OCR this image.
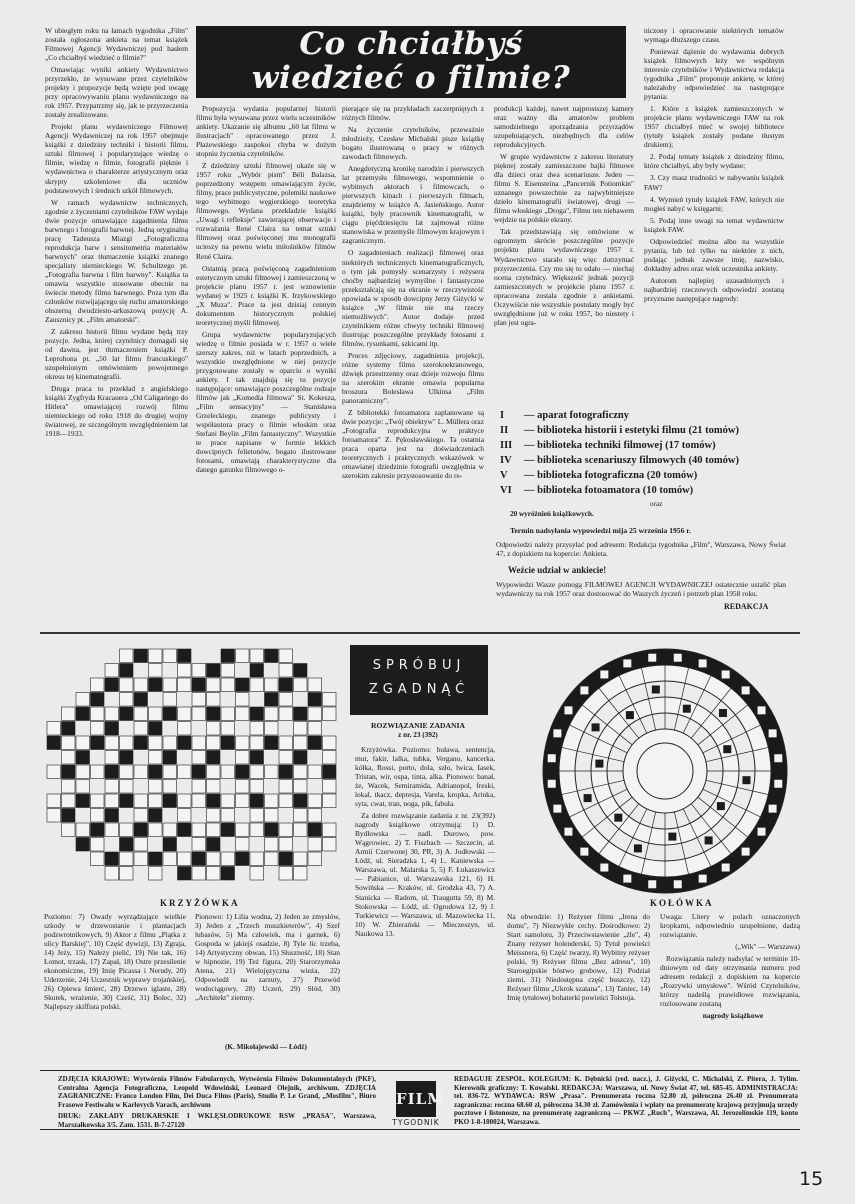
Co chciałbyś
wiedzieć o filmie?

W ubiegłym roku na łamach tygodnika „Film" została ogłoszona ankieta na temat książek Filmowej Agencji Wydawniczej pod hasłem „Co chciałbyś wiedzieć o filmie?"

Omawiając wyniki ankiety Wydawnictwo przyrzekło, że wysuwane przez czytelników projekty i propozycje będą wzięte pod uwagę przy opracowywaniu planu wydawniczego na rok 1957. Przypatrzmy się, jak te przyrzeczenia zostały zrealizowane.

Projekt planu wydawniczego Filmowej Agencji Wydawniczej na rok 1957 obejmuje książki z dziedziny techniki i historii filmu, sztuki filmowej i popularyzujące wiedzę o filmie, wiedzę o filmie, fotografii pięknie i wydawnictwa o charakterze artystycznym oraz skrypty szkoleniowe dla uczniów podstawowych i średnich szkół filmowych.

W ramach wydawnictw technicznych, zgodnie z życzeniami czytelników FAW wydaje dwie pozycje omawiające zagadnienia filmu barwnego i fotografii barwnej. Jedną oryginalną pracę Tadeusza Miazgi „Fotograficzna reprodukcja barw i sensitometria materiałów barwnych" oraz tłumaczenie książki znanego specjalisty niemieckiego W. Schultzego pt. „Fotografia barwna i film barwny". Książka ta omawia wszystkie stosowane obecnie na świecie metody filmu barwnego. Poza tym dla członków rozwijającego się ruchu amatorskiego obszerną dwudziesto-arkuszową pozycję A. Zausznicy pt. „Film amatorski".

Z zakresu historii filmu wydane będą trzy pozycje. Jedna, której czytelnicy domagali się od dawna, jest tłumaczeniem książki P. Leprohona pt. „50 lat filmu francuskiego" uzupełnionym omówieniem powojennego okresu tej kinematografii.

Druga praca to przekład z angielskiego książki Zygfryda Kracauera „Od Caligariego do Hitlera" omawiającej rozwój filmu niemieckiego od roku 1918 do drugiej wojny światowej, ze szczególnym uwzględnieniem lat 1918—1933.

Propozycja wydania popularnej historii filmu była wysuwana przez wielu uczestników ankiety. Ukazanie się albumu „60 lat filmu w ilustracjach" opracowanego przez J. Płażewskiego zaspokoi chyba w dużym stopniu życzenia czytelników.

Z dziedziny sztuki filmowej ukaże się w 1957 roku „Wybór pism" Béli Balazsa, poprzedzony wstępem omawiającym życie, filmy, prace publicystyczne, polemiki naukowe tego wybitnego węgierskiego teoretyka filmowego. Wydana przekładzie książki „Uwagi i refleksje" zawierającej obserwacje i rozważania René Claira na temat sztuki filmowej oraz poświęconej mu monografii ucieszy na pewno wielu miłośników filmów René Claira.

Ostatnią pracą poświęconą zagadnieniom estetycznym sztuki filmowej i zamieszczoną w projekcie planu 1957 r. jest wznowienie wydanej w 1925 r. książki K. Irzykowskiego „X Muza". Prace ta jest dzisiaj cennym dokumentem historycznym polskiej teoretycznej myśli filmowej.

Grupa wydawnictw popularyzujących wiedzę o filmie posiada w r. 1957 o wiele szerszy zakres, niż w latach poprzednich, a wszystkie uwzględnione w niej pozycje przygotowane zostały w oparciu o wyniki ankiety. I tak znajdują się tu pozycje następujące: omawiające poszczególne rodzaje filmów jak „Komedia filmowa" St. Kokesza, „Film sensacyjny" — Stanisława Grzeleckiego, znanego publicysty i współautora pracy o filmie włoskim oraz Stefani Beylin „Film fantastyczny". Wszystkie te prace napisane w formie lekkich dowcipnych felietonów, bogato ilustrowane fotosami, omawiają charakterystyczne dla danego gatunku filmowego o-

pierające się na przykładach zaczerpniętych z różnych filmów.

Na życzenie czytelników, przeważnie młodzieży, Czesław Michalski pisze książkę bogato ilustrowaną o pracy w różnych zawodach filmowych.

Anegdotyczną kronikę narodzin i pierwszych lat przemysłu filmowego, wspomnienie o wybitnych aktorach i filmowcach, o pierwszych kinach i pierwszych filmach, znajdziemy w książce A. Jasieńskiego. Autor książki, były pracownik kinematografii, w ciągu pięćdziesięciu lat zajmował różne stanowiska w przemyśle filmowym krajowym i zagranicznym.

O zagadnieniach realizacji filmowej oraz niektórych technicznych kinematograficznych, o tym jak pomysły scenarzysty i reżysera choćby najbardziej wymyślne i fantastyczne przekształcają się na ekranie w rzeczywistość opowiada w sposób dowcipny Jerzy Giżycki w książce „W filmie nie ma rzeczy niemożliwych". Autor dodaje przed czytelnikiem różne chwyty techniki filmowej ilustrując poszczególne przykłady fotosami z filmów, rysunkami, szkicami itp.

Proces zdjęciowy, zagadnienia projekcji, różne systemy filmu szerokoekranowego, dźwięk przestrzenny oraz dzieje rozwoju filmu na szerokim ekranie omawia popularna broszura Bolesława Ulkinsa „Film panoramiczny".

Z bibliotekki fotoamatora zaplanowane są dwie pozycje: „Twój obiektyw" L. Müllera oraz „Fotografia reprodukcyjna w praktyce fotoamatora" Z. Pękosławskiego. Ta ostatnia praca oparta jest na doświadczeniach teoretycznych i praktycznych wskazówek w omawianej dziedzinie fotografii uwzględnia w szerokim zakresie przystosowanie do re-

produkcji każdej, nawet najprostszej kamery oraz ważny dla amatorów problem samodzielnego sporządzania przyrządów uzupełniających, niezbędnych dla celów reprodukcyjnych.

W grupie wydawnictw z zakresu literatury pięknej zostały zamieszczone bajki filmowe dla dzieci oraz dwa scenariusze. Jeden — filmu S. Eisensteina „Pancernik Potiomkin" uznanego powszechnie za najwybitniejsze dzieło kinematografii światowej, drugi — filmu włoskiego „Droga", Filmu ten niebawem wejdzie na polskie ekrany.

Tak przedstawiają się omówione w ogromnym skrócie poszczególne pozycje projektu planu wydawniczego 1957 r. Wydawnictwo starało się więc dotrzymać przyrzeczenia. Czy mu się to udało — niechaj ocena czytelnicy. Większość jednak pozycji zamieszczonych w projekcie planu 1957 r. opracowana została zgodnie z ankietami. Oczywiście nie wszystkie postulaty mogły być uwzględnione już w roku 1957, bo niestety i plan jest ogra-

niczony i opracowanie niektórych tematów wymaga dłuższego czasu.

Ponieważ dążenie do wydawania dobrych książek filmowych leży we wspólnym interesie czytelników i Wydawnictwa redakcja tygodnika „Film" proponuje ankietę, w której należałoby odpowiedzieć na następujące pytania:

1. Które z książek zamieszczonych w projekcie planu wydawniczego FAW na rok 1957 chciałbyś mieć w swojej bibliotece (tytuły książek zostały podane tłustym drukiem);

2. Podaj tematy książek z dziedziny filmu, które chciałbyś, aby były wydane;

3. Czy masz trudności w nabywaniu książek FAW?

4. Wymień tytuły książek FAW, których nie mogłeś nabyć w księgarni;

5. Podaj inne uwagi na temat wydawnictw książek FAW.

Odpowiedzieć można albo na wszystkie pytania, lub też tylko na niektóre z nich, podając jednak zawsze imię, nazwisko, dokładny adres oraz wiek uczestnika ankiety.

Autorom najlepiej uzasadnionych i najbardziej rzeczowych odpowiedzi zostaną przyznane następujące nagrody:

I	— aparat fotograficzny
II	— biblioteka historii i estetyki filmu (21 tomów)
III	— biblioteka techniki filmowej (17 tomów)
IV	— biblioteka scenariuszy filmowych (40 tomów)
V	— biblioteka fotograficzna (20 tomów)
VI	— biblioteka fotoamatora (10 tomów)
oraz
20 wyróżnień książkowych.
Termin nadsyłania wypowiedzi mija 25 września 1956 r.
Odpowiedzi należy przysyłać pod adresem: Redakcja tygodnika „Film", Warszawa, Nowy Świat 47, z dopiskiem na kopercie: Ankieta.
Weźcie udział w ankiecie!
Wypowiedzi Wasze pomogą FILMOWEJ AGENCJI WYDAWNICZEJ ostatecznie ustalić plan wydawniczy na rok 1957 oraz dostosować do Waszych życzeń i potrzeb plan 1958 roku.
REDAKCJA
SPRÓBUJ
ZGADNĄĆ
ROZWIĄZANIE ZADANIA
z nr. 23 (392)

Krzyżówka. Poziomo: buława, sentencja, mut, fakir, lalka, tubka, Vergano, kancerka, kółka, Rossi, porto, dola, szło, lwica, Iasek, Tristan, wir, ospa, tinta, alka. Pionowo: banał, że, Wacek, Semiramida, Adrianopol, freski, lokal, tkacz, depresja, Varela, kropka, Arinka, syta, cwat, tran, noga, pik, fabuła.

Za dobre rozwiązanie zadania z nr. 23(392) nagrody książkowe otrzymują: 1) D. Bydłowska — nadl. Durowo, pow. Wągrowiec, 2) T. Fiszbach — Szczecin, al. Armii Czerwonej 30, PR, 3) A. Jodłowski — Łódź, ul. Sieradzka 1, 4) L. Kaniewska — Warszawa, ul. Malarska 5, 5) F. Łukaszewicz — Pabianice, ul. Warszawska 121, 6) H. Sowińska — Kraków, ul. Grodzka 43, 7) A. Stanicka — Radom, ul. Traugutta 59, 8) M. Stokowska — Łódź, ul. Ogrodowa 12, 9) J. Turkiewicz — Warszawa, ul. Mazowiecka 11, 10) W. Zbierański — Mieczeszyn, ul. Naukowa 13.

KRZYŻÓWKA

Poziomo: 7) Owady wyrządzające wielkie szkody w drzewostanie i plantacjach podzwrotnikowych, 9) Aktor z filmu „Piątka z ulicy Barskiej", 10) Część dywizji, 13) Zgraja, 14) Jeży, 15) Należy pielić, 19) Nie tak, 16) Łomot, trzask, 17) Zapał, 18) Ostre przesilenie ekonomiczne, 19) Imię Picassa i Nerudy, 20) Uderzenie, 24) Uczestnik wyprawy trojańskiej, 26) Opiewa śmierć, 28) Drzewo iglaste, 28) Skutek, wrażenie, 30) Cześć, 31) Bolec, 32) Najlepszy skiffista polski.

Pionowo: 1) Lilia wodna, 2) Jeden ze zmysłów, 3) Jeden z „Trzech muszkieterów", 4) Szef lubasów, 5) Ma człowiek, ma i garnek, 6) Gospoda w jakiejś osadzie, 8) Tyle lic trzeba, 14) Artystyczny obwan, 15) Słuszność, 18) Stan w hipnozie, 19) Też figura, 20) Starorzymska Atena, 21) Wielojęzyczna wieża, 22) Odpowiedź na zarzuty, 27) Przewód wodociągowy, 28) Uczeń, 29) Słód, 30) „Architekt" ziemny.

(K. Mikołajewski — Łódź)
KOŁÓWKA

Na obwodzie: 1) Reżyser filmu „Irena do domu", 7) Niezwykłe cechy. Dośrodkowo: 2) Start samolotu, 3) Przeciwstawienie „źle", 4) Znany reżyser holenderski, 5) Tytuł powieści Meissnera, 6) Część twarzy, 8) Wybitny reżyser polski, 9) Reżyser filmu „Bez adresu", 10) Staroegipskie bóstwo grobowe, 12) Podział ziemi, 31) Niedostępna część buszczy, 12) Reżyser filmu „Ukrok szatana", 13) Taniec, 14) Imię tytułowej bohaterki powieści Tołstoja.

Uwaga: Litery w polach oznaczonych kropkami, odpowiednio uzupełnione, dadzą rozwiązanie.

(„Wik" — Warszawa)

Rozwiązania należy nadsyłać w terminie 10-dniowym od daty otrzymania numeru pod adresem redakcji z dopiskiem na kopercie „Rozrywki umysłowe". Wśród Czytelników, którzy nadeślą prawidłowe rozwiązania, rozlosowane zostaną

nagrody książkowe

ZDJĘCIA KRAJOWE: Wytwórnia Filmów Fabularnych, Wytwórnia Filmów Dokumentalnych (PKF), Centralna Agencja Fotograficzna, Leopold Wdowiński, Leonard Olejnik, archiwum. ZDJĘCIA ZAGRANICZNE: Franco London Film, Dei Duca Films (Paris), Studio P. Le Grand, „Mosfilm", Biuro Frasowe Festiwalu w Karlovych Varach, archiwum

DRUK: ZAKŁADY DRUKARSKIE I WKLĘSŁODRUKOWE RSW „PRASA", Warszawa, Marszałkowska 3/5. Zam. 1531. B-7-27120

FILM
TYGODNIK

REDAGUJE ZESPÓŁ. KOLEGIUM: K. Dębnicki (red. nacz.), J. Giżycki, C. Michalski, Z. Pitera, J. Tylim. Kierownik graficzny: T. Kowalski. REDAKCJA: Warszawa, ul. Nowy Świat 47, tel. 685-45. ADMINISTRACJA: tel. 836-72. WYDAWCA: RSW „Prasa". Prenumerata roczna 52.80 zł, półroczna 26.40 zł. Prenumerata zagraniczna: roczna 68.60 zł, półroczna 34.30 zł. Zamówienia i wpłaty na prenumeratę krajową przyjmują urzędy pocztowe i listonosze, na prenumeratę zagraniczną — PKWZ „Ruch", Warszawa, Al. Jerozolimskie 119, konto PKO 1-8-100024, Warszawa.

15
